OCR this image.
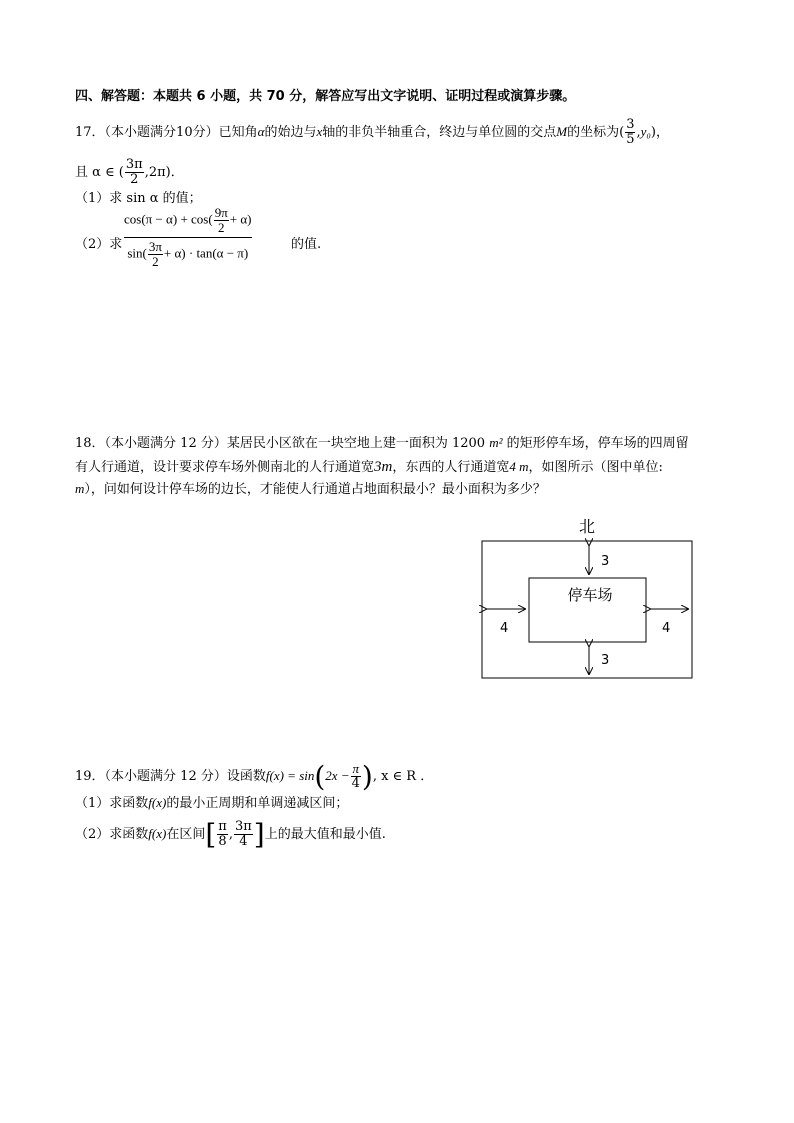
四、解答题：本题共 6 小题，共 70 分，解答应写出文字说明、证明过程或演算步骤。
17．（本小题满分10分）已知角α的始边与x轴的非负半轴重合，终边与单位圆的交点M的坐标为( $\frac{3}{5} ,y_0$)，
且 α ∈ ( $\frac{3\pi}{2} ,2\pi$)．
（1）求 sin α 的值；
（2）求
$\cos(\pi - \alpha) + \cos( \frac{9\pi}{2} + \alpha)$
$\sin( \frac{3\pi}{2} + \alpha) \cdot \tan(\alpha - \pi)$
的值.
18．（本小题满分 12 分）某居民小区欲在一块空地上建一面积为 1200 m² 的矩形停车场，停车场的四周留
有人行通道，设计要求停车场外侧南北的人行通道宽3m，东西的人行通道宽4 m，如图所示（图中单位:
m），问如何设计停车场的边长，才能使人行通道占地面积最小？最小面积为多少？
北
停车场
3
3
4	4
19．（本小题满分 12 分）设函数$f(x) = \sin(2x - \frac{\pi}{4}$ ), x ∈ R ．
（1）求函数f(x)的最小正周期和单调递减区间；
（2）求函数f(x)在区间[ $\frac{\pi}{8}$ , $\frac{3\pi}{4}$ ]上的最大值和最小值.
